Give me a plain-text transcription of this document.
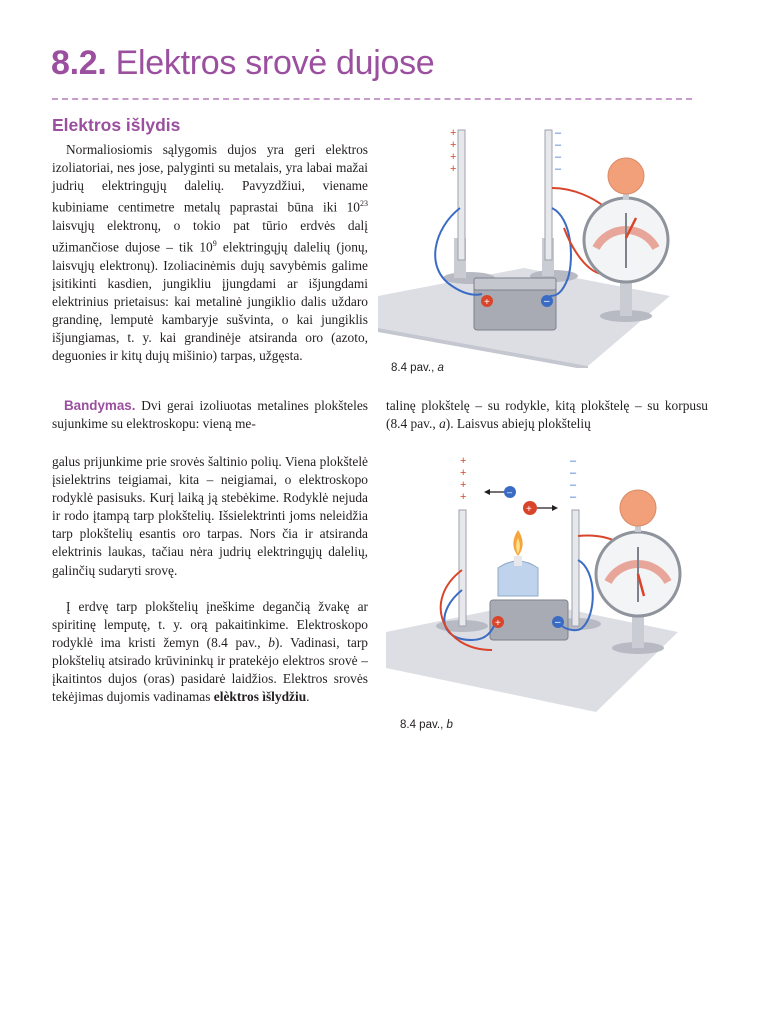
8.2. Elektros srovė dujose
Elektros išlydis

Normaliosiomis sąlygomis dujos yra geri elektros izoliatoriai, nes jose, palyginti su metalais, yra labai mažai judrių elektringųjų dalelių. Pavyzdžiui, viename kubiniame centimetre metalų paprastai būna iki $10^{23}$ laisvųjų elektronų, o tokio pat tūrio erdvės dalį užimančiose dujose – tik $10^9$ elektringųjų dalelių (jonų, laisvųjų elektronų). Izoliacinėmis dujų savybėmis galime įsitikinti kasdien, jungikliu įjungdami ar išjungdami elektrinius prietaisus: kai metalinė jungiklio dalis uždaro grandinę, lemputė kambaryje sušvinta, o kai jungiklis išjungiamas, t. y. kai grandinėje atsiranda oro (azoto, deguonies ir kitų dujų mišinio) tarpas, užgęsta.

Bandymas. Dvi gerai izoliuotas metalines plokšteles sujunkime su elektroskopu: vieną me-

talinę plokštelę – su rodykle, kitą plokštelę – su korpusu (8.4 pav., a). Laisvus abiejų plokštelių

galus prijunkime prie srovės šaltinio polių. Viena plokštelė įsielektrins teigiamai, kita – neigiamai, o elektroskopo rodyklė pasisuks. Kurį laiką ją stebėkime. Rodyklė nejuda ir rodo įtampą tarp plokštelių. Išsielektrinti joms neleidžia tarp plokštelių esantis oro tarpas. Nors čia ir atsiranda elektrinis laukas, tačiau nėra judrių elektringųjų dalelių, galinčių sudaryti srovę.

Į erdvę tarp plokštelių įneškime degančią žvakę ar spiritinę lemputę, t. y. orą pakaitinkime. Elektroskopo rodyklė ima kristi žemyn (8.4 pav., b). Vadinasi, tarp plokštelių atsirado krūvininkų ir pratekėjo elektros srovė – įkaitintos dujos (oras) pasidarė laidžios. Elektros srovės tekėjimas dujomis vadinamas elèktros ìšlydžiu.

+
+
+
+
–
–
–
–
+	–
8.4 pav., a
+
+
+
+
–
–
–
–
–
+
+	–
8.4 pav., b
